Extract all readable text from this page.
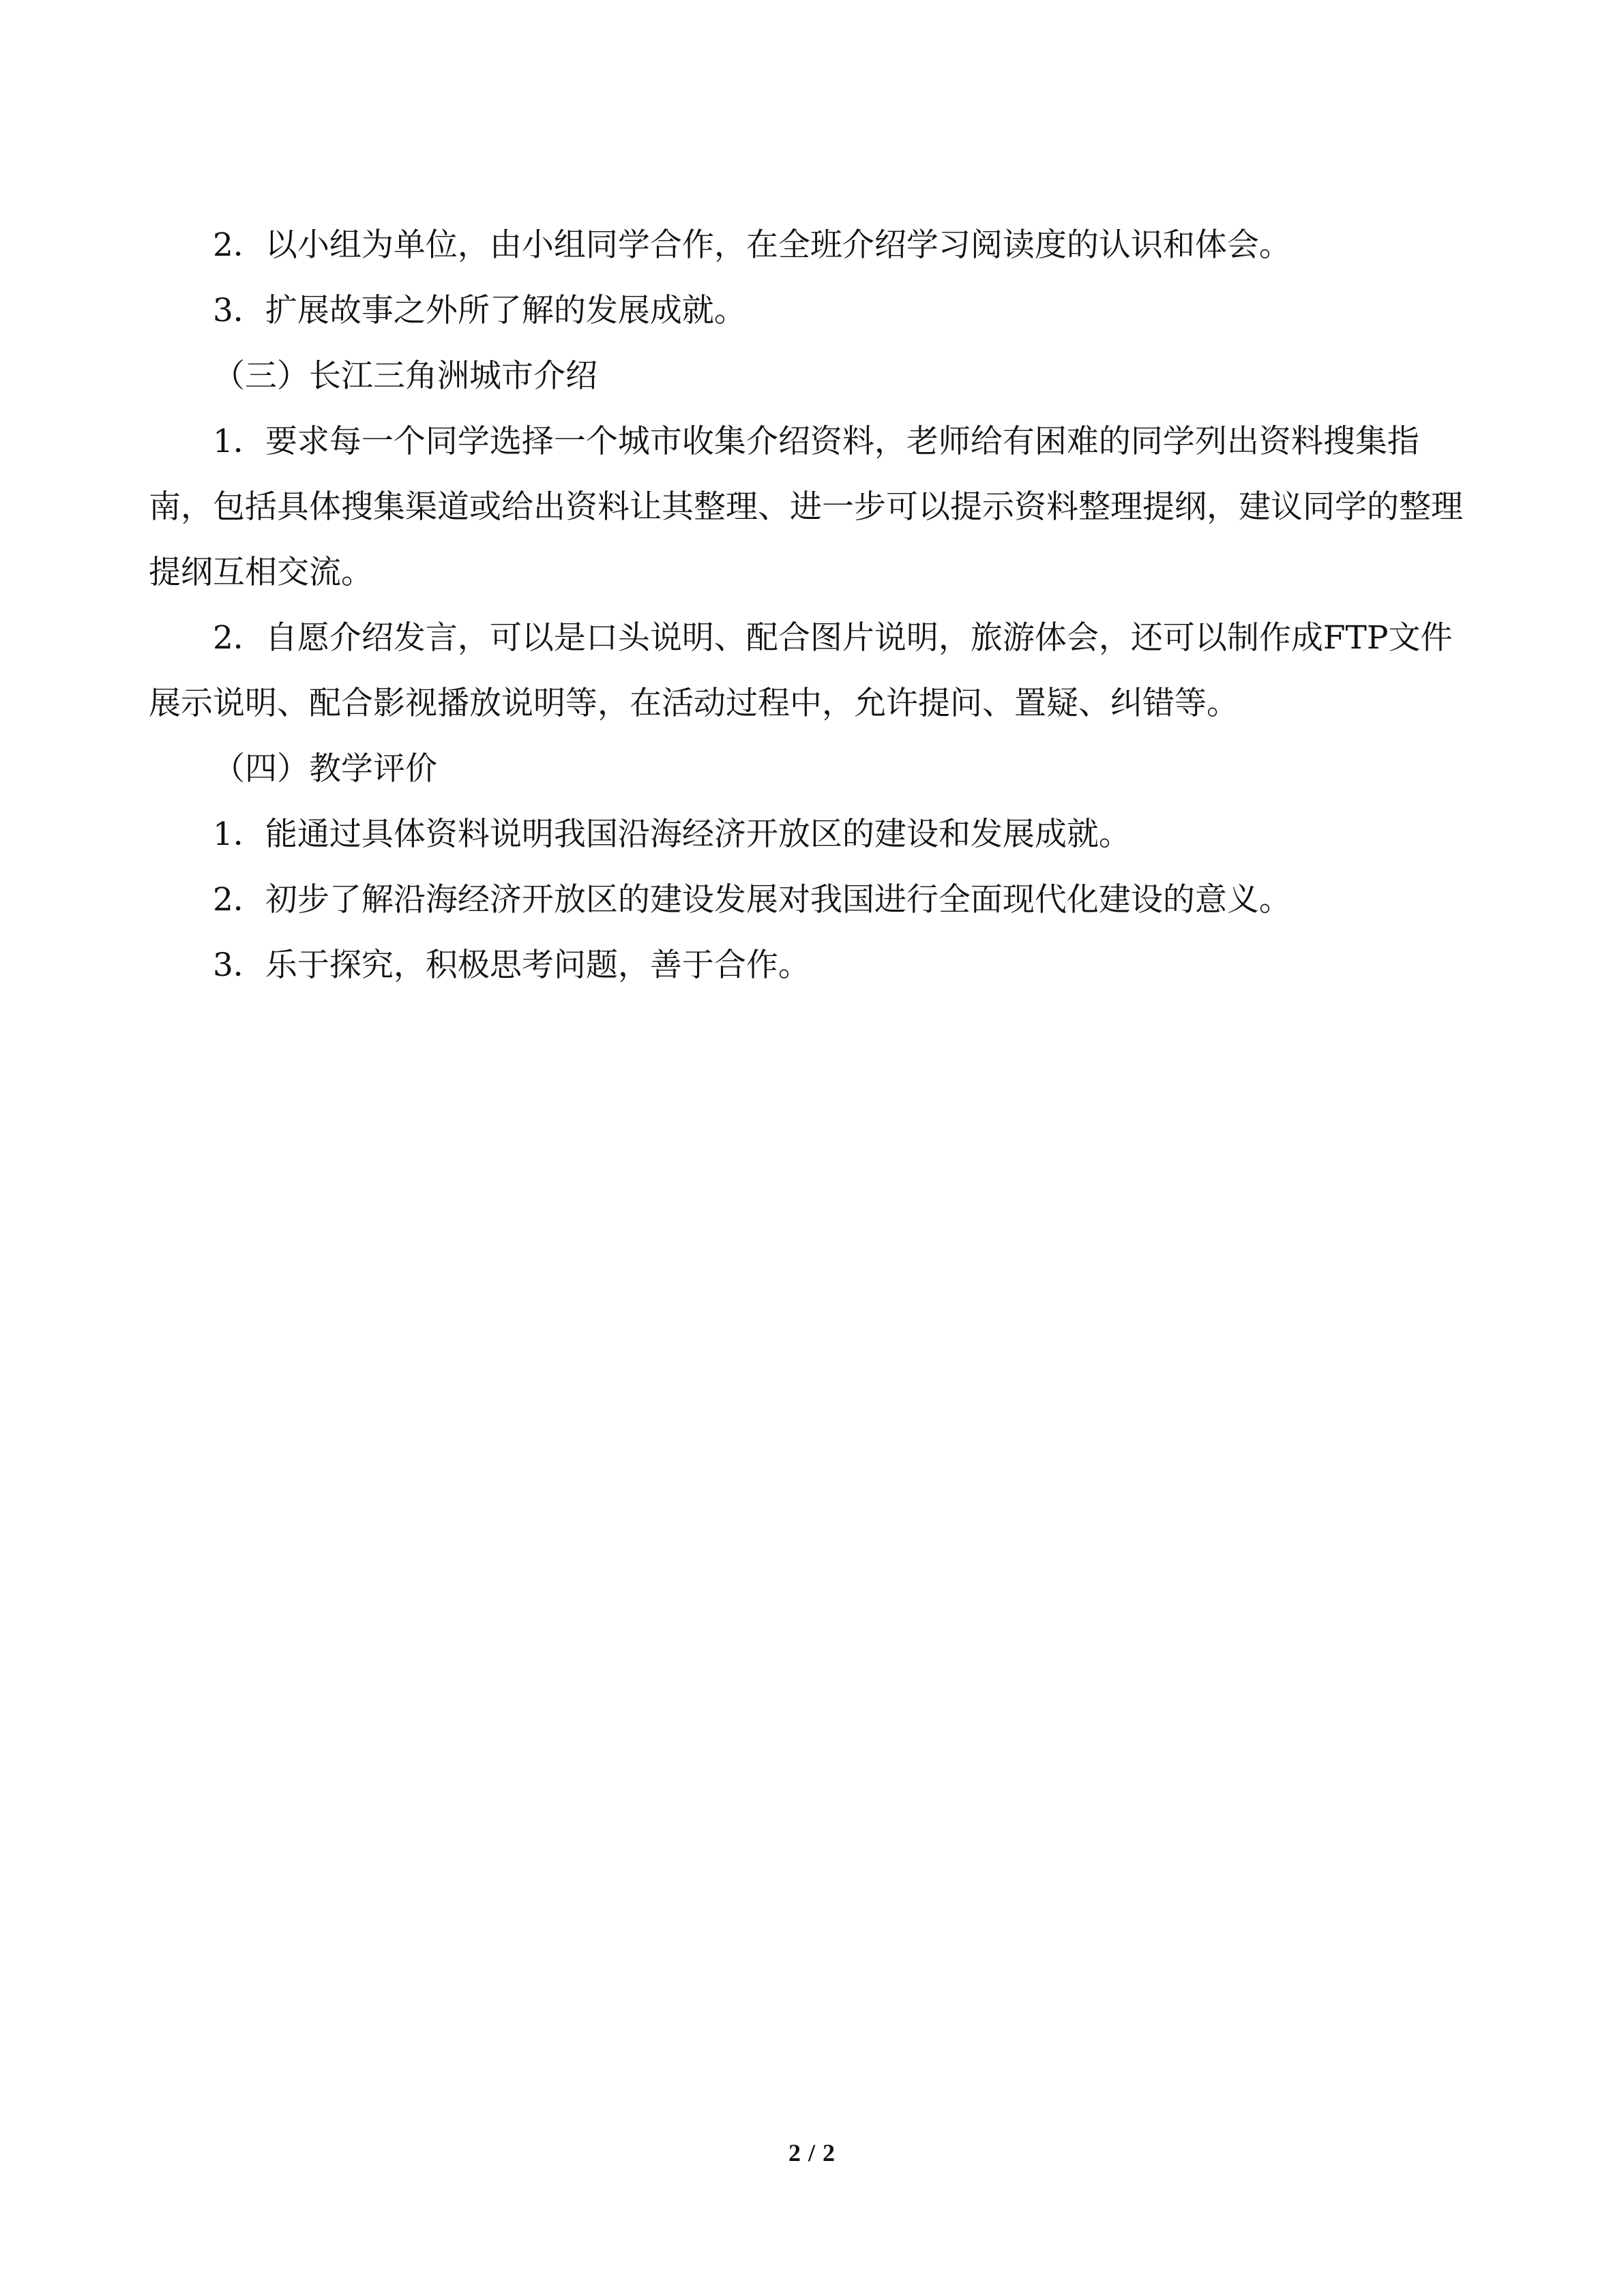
2．以小组为单位，由小组同学合作，在全班介绍学习阅读度的认识和体会。

3．扩展故事之外所了解的发展成就。

（三）长江三角洲城市介绍

1．要求每一个同学选择一个城市收集介绍资料，老师给有困难的同学列出资料搜集指南，包括具体搜集渠道或给出资料让其整理、进一步可以提示资料整理提纲，建议同学的整理提纲互相交流。

2．自愿介绍发言，可以是口头说明、配合图片说明，旅游体会，还可以制作成FTP文件展示说明、配合影视播放说明等，在活动过程中，允许提问、置疑、纠错等。

（四）教学评价

1．能通过具体资料说明我国沿海经济开放区的建设和发展成就。

2．初步了解沿海经济开放区的建设发展对我国进行全面现代化建设的意义。

3．乐于探究，积极思考问题，善于合作。

2 / 2
